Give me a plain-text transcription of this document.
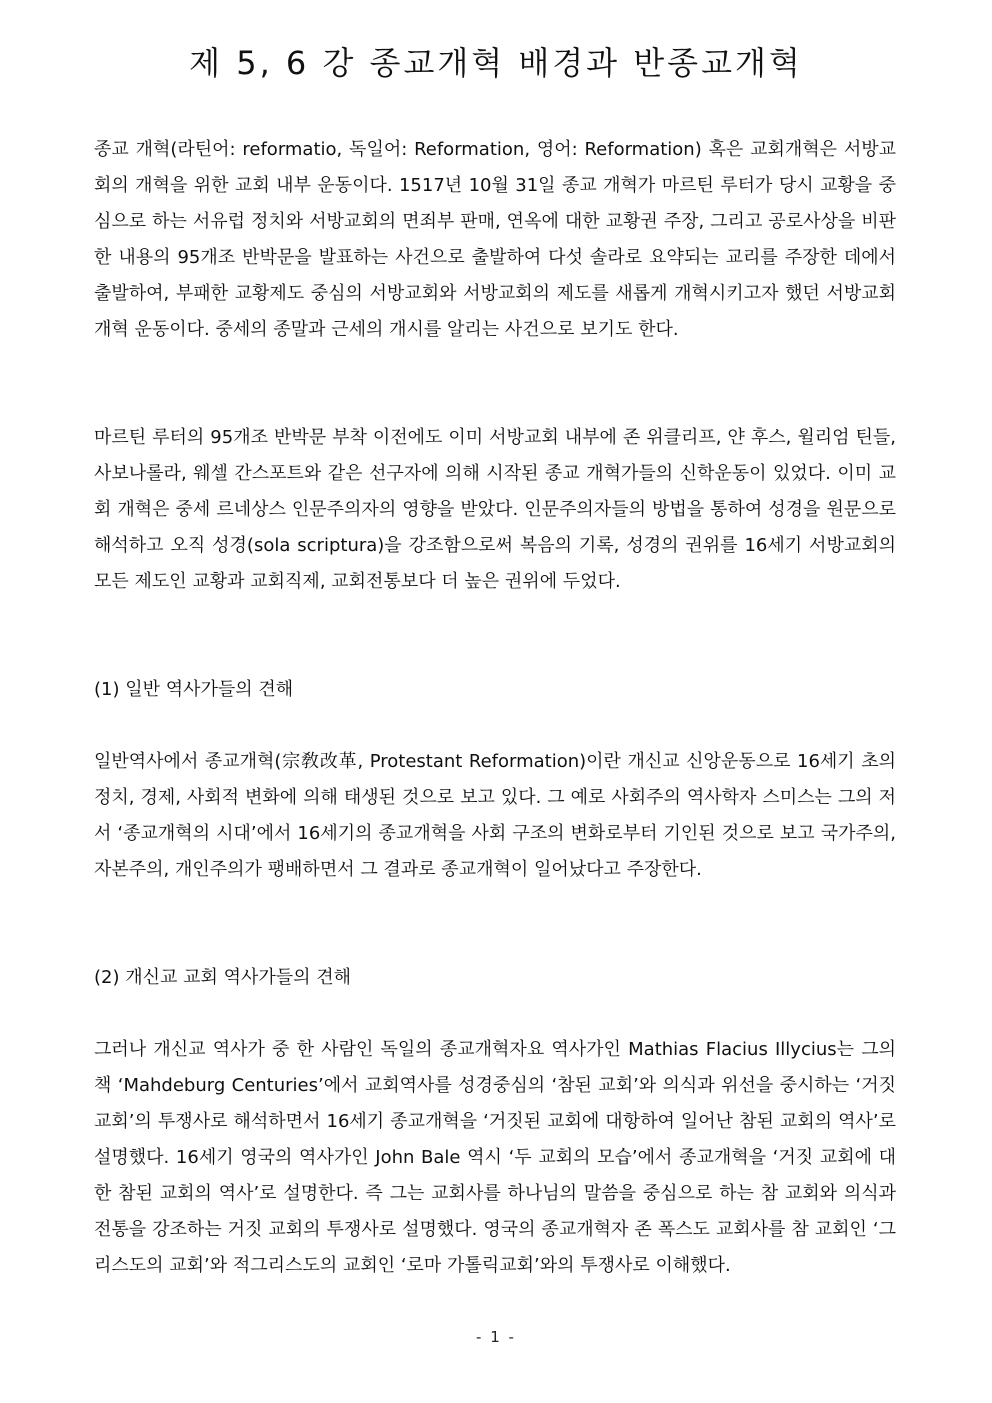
제 5, 6 강 종교개혁 배경과 반종교개혁

종교 개혁(라틴어: reformatio, 독일어: Reformation, 영어: Reformation) 혹은 교회개혁은 서방교회의 개혁을 위한 교회 내부 운동이다. 1517년 10월 31일 종교 개혁가 마르틴 루터가 당시 교황을 중심으로 하는 서유럽 정치와 서방교회의 면죄부 판매, 연옥에 대한 교황권 주장, 그리고 공로사상을 비판한 내용의 95개조 반박문을 발표하는 사건으로 출발하여 다섯 솔라로 요약되는 교리를 주장한 데에서 출발하여, 부패한 교황제도 중심의 서방교회와 서방교회의 제도를 새롭게 개혁시키고자 했던 서방교회 개혁 운동이다. 중세의 종말과 근세의 개시를 알리는 사건으로 보기도 한다.

마르틴 루터의 95개조 반박문 부착 이전에도 이미 서방교회 내부에 존 위클리프, 얀 후스, 윌리엄 틴들, 사보나롤라, 웨셀 간스포트와 같은 선구자에 의해 시작된 종교 개혁가들의 신학운동이 있었다. 이미 교회 개혁은 중세 르네상스 인문주의자의 영향을 받았다. 인문주의자들의 방법을 통하여 성경을 원문으로 해석하고 오직 성경(sola scriptura)을 강조함으로써 복음의 기록, 성경의 권위를 16세기 서방교회의 모든 제도인 교황과 교회직제, 교회전통보다 더 높은 권위에 두었다.

(1) 일반 역사가들의 견해

일반역사에서 종교개혁(宗敎改革, Protestant Reformation)이란 개신교 신앙운동으로 16세기 초의 정치, 경제, 사회적 변화에 의해 태생된 것으로 보고 있다. 그 예로 사회주의 역사학자 스미스는 그의 저서 ‘종교개혁의 시대’에서 16세기의 종교개혁을 사회 구조의 변화로부터 기인된 것으로 보고 국가주의, 자본주의, 개인주의가 팽배하면서 그 결과로 종교개혁이 일어났다고 주장한다.

(2) 개신교 교회 역사가들의 견해

그러나 개신교 역사가 중 한 사람인 독일의 종교개혁자요 역사가인 Mathias Flacius Illycius는 그의 책 ‘Mahdeburg Centuries’에서 교회역사를 성경중심의 ‘참된 교회’와 의식과 위선을 중시하는 ‘거짓 교회’의 투쟁사로 해석하면서 16세기 종교개혁을 ‘거짓된 교회에 대항하여 일어난 참된 교회의 역사’로 설명했다. 16세기 영국의 역사가인 John Bale 역시 ‘두 교회의 모습’에서 종교개혁을 ‘거짓 교회에 대한 참된 교회의 역사’로 설명한다. 즉 그는 교회사를 하나님의 말씀을 중심으로 하는 참 교회와 의식과 전통을 강조하는 거짓 교회의 투쟁사로 설명했다. 영국의 종교개혁자 존 폭스도 교회사를 참 교회인 ‘그리스도의 교회’와 적그리스도의 교회인 ‘로마 가톨릭교회’와의 투쟁사로 이해했다.

- 1 -
